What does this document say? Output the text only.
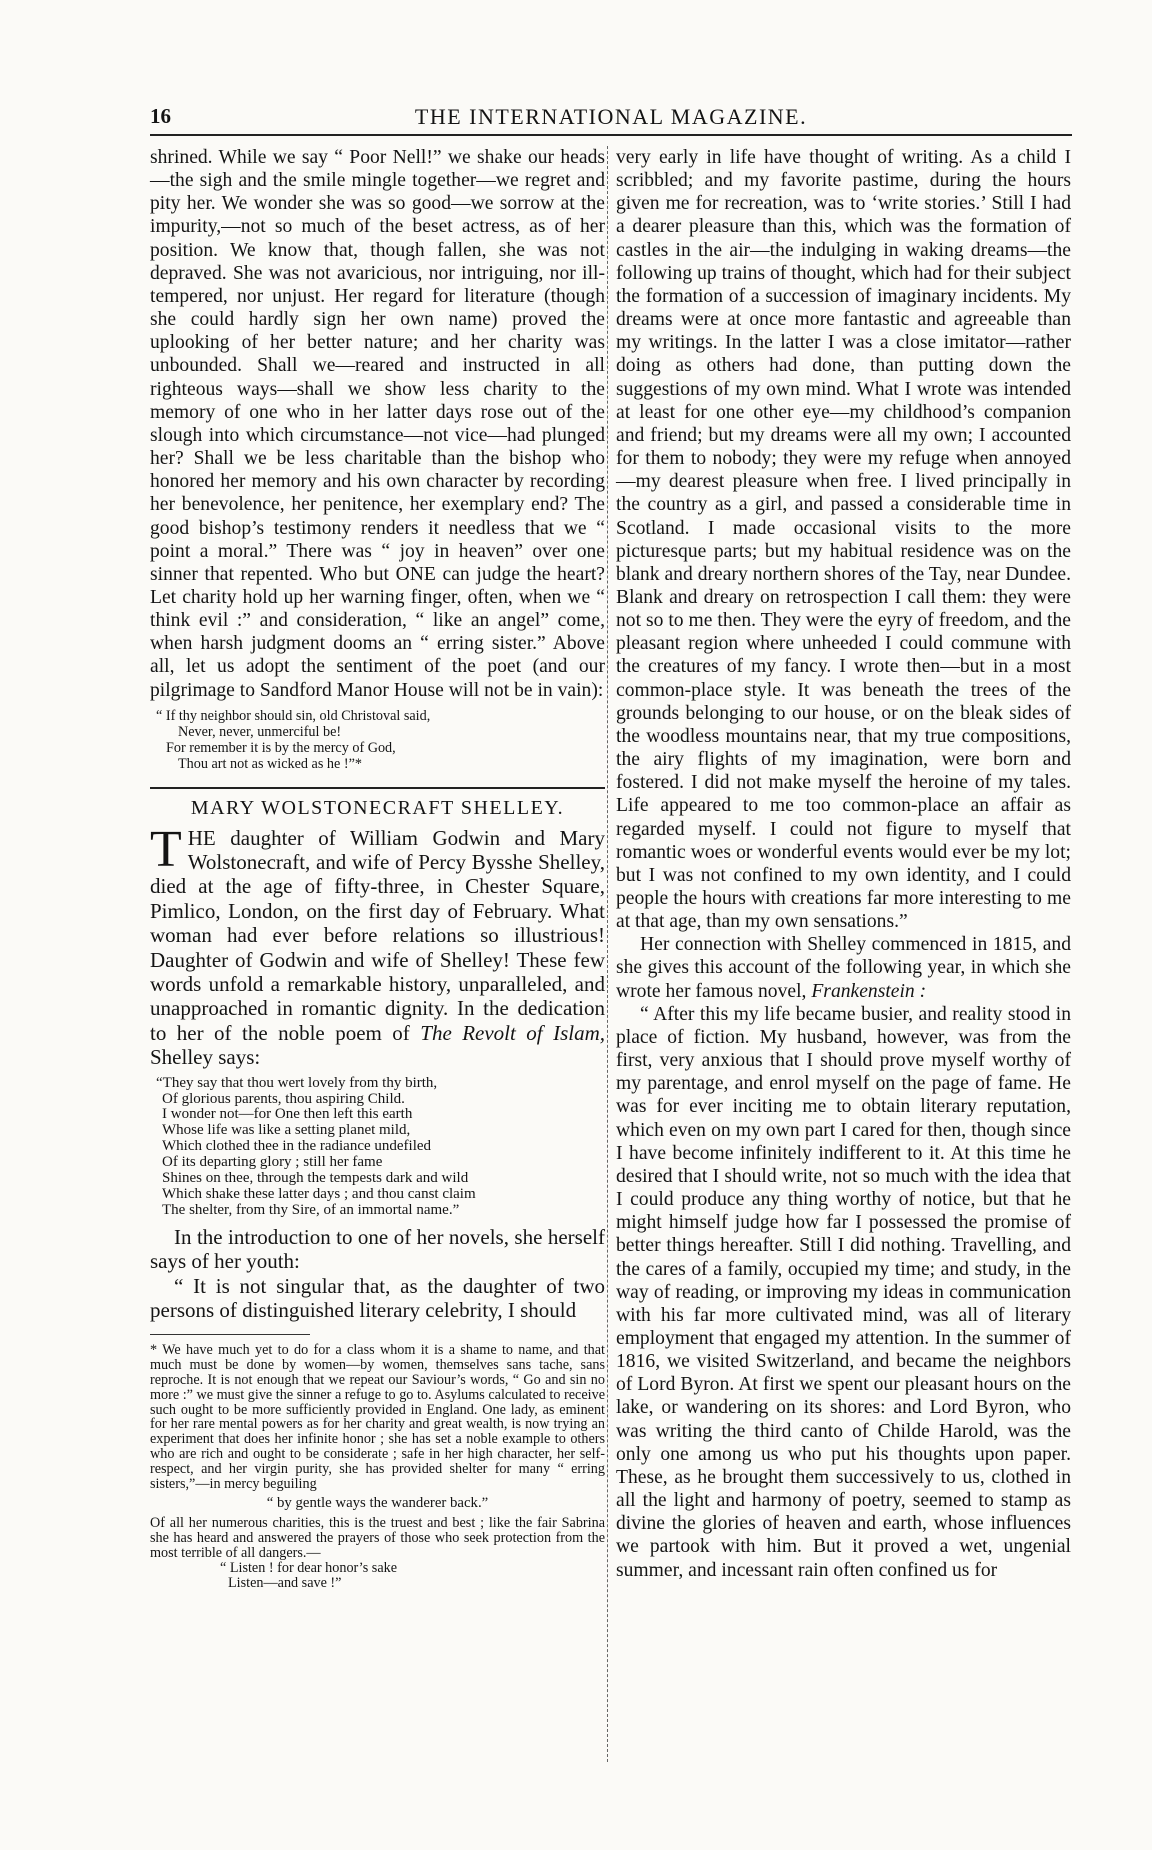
16	THE INTERNATIONAL MAGAZINE.

shrined. While we say “ Poor Nell!” we shake our heads—the sigh and the smile mingle together—we regret and pity her. We wonder she was so good—we sorrow at the impurity,—not so much of the beset actress, as of her position. We know that, though fallen, she was not depraved. She was not avaricious, nor intriguing, nor ill-tempered, nor unjust. Her regard for literature (though she could hardly sign her own name) proved the uplooking of her better nature; and her charity was unbounded. Shall we—reared and instructed in all righteous ways—shall we show less charity to the memory of one who in her latter days rose out of the slough into which circumstance—not vice—had plunged her? Shall we be less charitable than the bishop who honored her memory and his own character by recording her benevolence, her penitence, her exemplary end? The good bishop’s testimony renders it needless that we “ point a moral.” There was “ joy in heaven” over one sinner that repented. Who but ONE can judge the heart? Let charity hold up her warning finger, often, when we “ think evil :” and consideration, “ like an angel” come, when harsh judgment dooms an “ erring sister.” Above all, let us adopt the sentiment of the poet (and our pilgrimage to Sandford Manor House will not be in vain):

“ If thy neighbor should sin, old Christoval said,
Never, never, unmerciful be!
For remember it is by the mercy of God,
Thou art not as wicked as he !”*
MARY WOLSTONECRAFT SHELLEY.
THE daughter of William Godwin and Mary Wolstonecraft, and wife of Percy Bysshe Shelley, died at the age of fifty-three, in Chester Square, Pimlico, London, on the first day of February. What woman had ever before relations so illustrious! Daughter of Godwin and wife of Shelley! These few words unfold a remarkable history, unparalleled, and unapproached in romantic dignity. In the dedication to her of the noble poem of The Revolt of Islam, Shelley says:
“They say that thou wert lovely from thy birth,
Of glorious parents, thou aspiring Child.
I wonder not—for One then left this earth
Whose life was like a setting planet mild,
Which clothed thee in the radiance undefiled
Of its departing glory ; still her fame
Shines on thee, through the tempests dark and wild
Which shake these latter days ; and thou canst claim
The shelter, from thy Sire, of an immortal name.”

In the introduction to one of her novels, she herself says of her youth:

“ It is not singular that, as the daughter of two persons of distinguished literary celebrity, I should

* We have much yet to do for a class whom it is a shame to name, and that much must be done by women—by women, themselves sans tache, sans reproche. It is not enough that we repeat our Saviour’s words, “ Go and sin no more :” we must give the sinner a refuge to go to. Asylums calculated to receive such ought to be more sufficiently provided in England. One lady, as eminent for her rare mental powers as for her charity and great wealth, is now trying an experiment that does her infinite honor ; she has set a noble example to others who are rich and ought to be considerate ; safe in her high character, her self-respect, and her virgin purity, she has provided shelter for many “ erring sisters,”—in mercy beguiling

“ by gentle ways the wanderer back.”

Of all her numerous charities, this is the truest and best ; like the fair Sabrina she has heard and answered the prayers of those who seek protection from the most terrible of all dangers.—

“ Listen ! for dear honor’s sake
Listen—and save !”

very early in life have thought of writing. As a child I scribbled; and my favorite pastime, during the hours given me for recreation, was to ‘write stories.’ Still I had a dearer pleasure than this, which was the formation of castles in the air—the indulging in waking dreams—the following up trains of thought, which had for their subject the formation of a succession of imaginary incidents. My dreams were at once more fantastic and agreeable than my writings. In the latter I was a close imitator—rather doing as others had done, than putting down the suggestions of my own mind. What I wrote was intended at least for one other eye—my childhood’s companion and friend; but my dreams were all my own; I accounted for them to nobody; they were my refuge when annoyed—my dearest pleasure when free. I lived principally in the country as a girl, and passed a considerable time in Scotland. I made occasional visits to the more picturesque parts; but my habitual residence was on the blank and dreary northern shores of the Tay, near Dundee. Blank and dreary on retrospection I call them: they were not so to me then. They were the eyry of freedom, and the pleasant region where unheeded I could commune with the creatures of my fancy. I wrote then—but in a most common-place style. It was beneath the trees of the grounds belonging to our house, or on the bleak sides of the woodless mountains near, that my true compositions, the airy flights of my imagination, were born and fostered. I did not make myself the heroine of my tales. Life appeared to me too common-place an affair as regarded myself. I could not figure to myself that romantic woes or wonderful events would ever be my lot; but I was not confined to my own identity, and I could people the hours with creations far more interesting to me at that age, than my own sensations.”

Her connection with Shelley commenced in 1815, and she gives this account of the following year, in which she wrote her famous novel, Frankenstein :

“ After this my life became busier, and reality stood in place of fiction. My husband, however, was from the first, very anxious that I should prove myself worthy of my parentage, and enrol myself on the page of fame. He was for ever inciting me to obtain literary reputation, which even on my own part I cared for then, though since I have become infinitely indifferent to it. At this time he desired that I should write, not so much with the idea that I could produce any thing worthy of notice, but that he might himself judge how far I possessed the promise of better things hereafter. Still I did nothing. Travelling, and the cares of a family, occupied my time; and study, in the way of reading, or improving my ideas in communication with his far more cultivated mind, was all of literary employment that engaged my attention. In the summer of 1816, we visited Switzerland, and became the neighbors of Lord Byron. At first we spent our pleasant hours on the lake, or wandering on its shores: and Lord Byron, who was writing the third canto of Childe Harold, was the only one among us who put his thoughts upon paper. These, as he brought them successively to us, clothed in all the light and harmony of poetry, seemed to stamp as divine the glories of heaven and earth, whose influences we partook with him. But it proved a wet, ungenial summer, and incessant rain often confined us for
